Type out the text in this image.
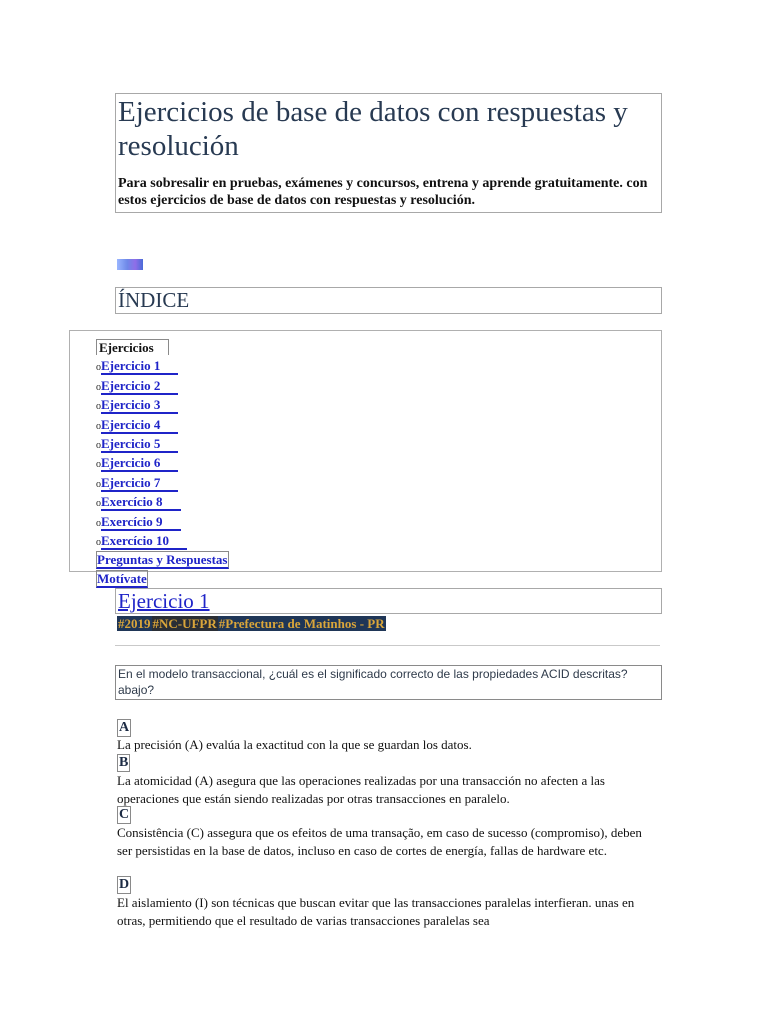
Ejercicios de base de datos con respuestas y resolución

Para sobresalir en pruebas, exámenes y concursos, entrena y aprende gratuitamente. con estos ejercicios de base de datos con respuestas y resolución.

ÍNDICE
Ejercicios
oEjercicio 1
oEjercicio 2
oEjercicio 3
oEjercicio 4
oEjercicio 5
oEjercicio 6
oEjercicio 7
oExercício 8
oExercício 9
oExercício 10
Preguntas y Respuestas
Motívate
Ejercicio 1
#2019 #NC-UFPR #Prefectura de Matinhos - PR

En el modelo transaccional, ¿cuál es el significado correcto de las propiedades ACID descritas? abajo?

A

La precisión (A) evalúa la exactitud con la que se guardan los datos.

B

La atomicidad (A) asegura que las operaciones realizadas por una transacción no afecten a las operaciones que están siendo realizadas por otras transacciones en paralelo.

C

Consistência (C) assegura que os efeitos de uma transação, em caso de sucesso (compromiso), deben ser persistidas en la base de datos, incluso en caso de cortes de energía, fallas de hardware etc.

D

El aislamiento (I) son técnicas que buscan evitar que las transacciones paralelas interfieran. unas en otras, permitiendo que el resultado de varias transacciones paralelas sea
